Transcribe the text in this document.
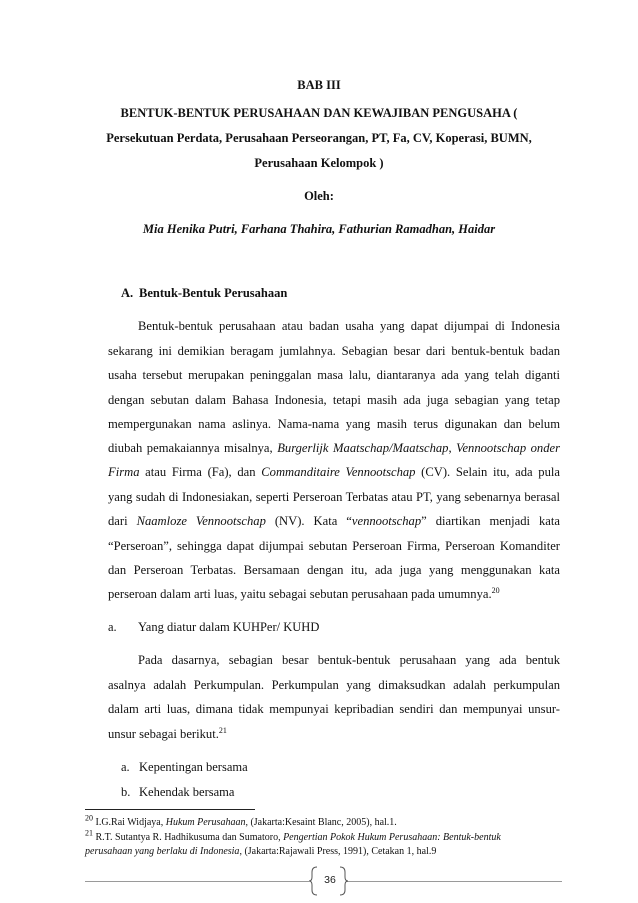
BAB III
BENTUK-BENTUK PERUSAHAAN DAN KEWAJIBAN PENGUSAHA (
Persekutuan Perdata, Perusahaan Perseorangan, PT, Fa, CV, Koperasi, BUMN,
Perusahaan Kelompok )
Oleh:
Mia Henika Putri, Farhana Thahira, Fathurian Ramadhan, Haidar
A. Bentuk-Bentuk Perusahaan
Bentuk-bentuk perusahaan atau badan usaha yang dapat dijumpai di Indonesia
sekarang ini demikian beragam jumlahnya. Sebagian besar dari bentuk-bentuk badan
usaha tersebut merupakan peninggalan masa lalu, diantaranya ada yang telah diganti
dengan sebutan dalam Bahasa Indonesia, tetapi masih ada juga sebagian yang tetap
mempergunakan nama aslinya. Nama-nama yang masih terus digunakan dan belum
diubah pemakaiannya misalnya, Burgerlijk Maatschap/Maatschap, Vennootschap onder
Firma atau Firma (Fa), dan Commanditaire Vennootschap (CV). Selain itu, ada pula
yang sudah di Indonesiakan, seperti Perseroan Terbatas atau PT, yang sebenarnya berasal
dari Naamloze Vennootschap (NV). Kata “vennootschap” diartikan menjadi kata
“Perseroan”, sehingga dapat dijumpai sebutan Perseroan Firma, Perseroan Komanditer
dan Perseroan Terbatas. Bersamaan dengan itu, ada juga yang menggunakan kata
perseroan dalam arti luas, yaitu sebagai sebutan perusahaan pada umumnya.$^{20}$
a. Yang diatur dalam KUHPer/ KUHD
Pada dasarnya, sebagian besar bentuk-bentuk perusahaan yang ada bentuk
asalnya adalah Perkumpulan. Perkumpulan yang dimaksudkan adalah perkumpulan
dalam arti luas, dimana tidak mempunyai kepribadian sendiri dan mempunyai unsur-
unsur sebagai berikut.$^{21}$
a. Kepentingan bersama
b. Kehendak bersama
$^{20}$ I.G.Rai Widjaya, Hukum Perusahaan, (Jakarta:Kesaint Blanc, 2005), hal.1.
$^{21}$ R.T. Sutantya R. Hadhikusuma dan Sumatoro, Pengertian Pokok Hukum Perusahaan: Bentuk-bentuk
perusahaan yang berlaku di Indonesia, (Jakarta:Rajawali Press, 1991), Cetakan 1, hal.9
36
